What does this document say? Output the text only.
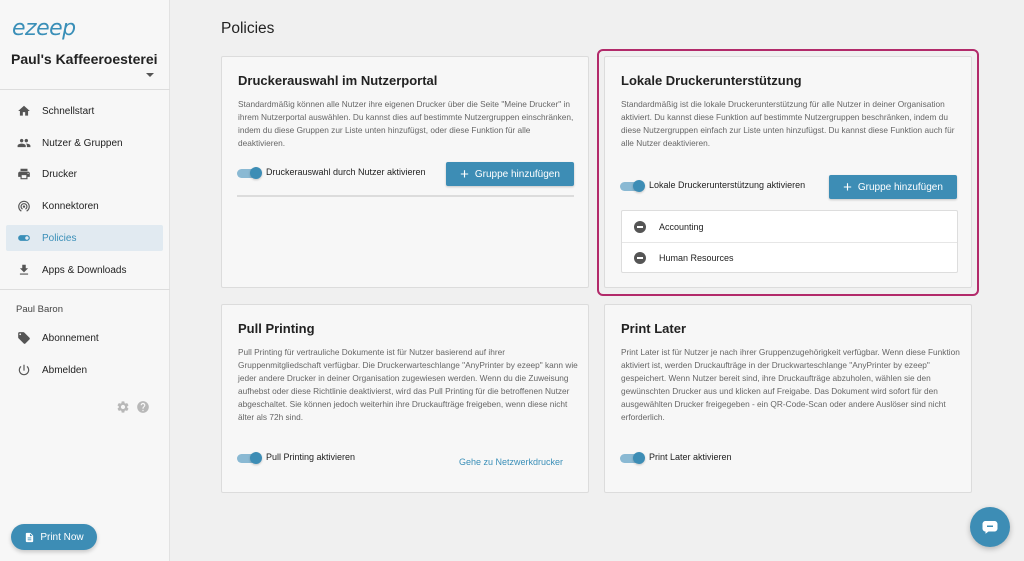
ezeep
Paul's Kaffeeroesterei
Schnellstart
Nutzer & Gruppen
Drucker
Konnektoren
Policies
Apps & Downloads
Paul Baron
Abonnement
Abmelden
Print Now
Policies
Druckerauswahl im Nutzerportal

Standardmäßig können alle Nutzer ihre eigenen Drucker über die Seite "Meine Drucker" in ihrem Nutzerportal auswählen. Du kannst dies auf bestimmte Nutzergruppen einschränken, indem du diese Gruppen zur Liste unten hinzufügst, oder diese Funktion für alle deaktivieren.

Druckerauswahl durch Nutzer aktivieren + Gruppe hinzufügen
Lokale Druckerunterstützung

Standardmäßig ist die lokale Druckerunterstützung für alle Nutzer in deiner Organisation aktiviert. Du kannst diese Funktion auf bestimmte Nutzergruppen beschränken, indem du diese Nutzergruppen einfach zur Liste unten hinzufügst. Du kannst diese Funktion auch für alle Nutzer deaktivieren.

Lokale Druckerunterstützung aktivieren	+ Gruppe hinzufügen
Accounting
Human Resources
Pull Printing

Pull Printing für vertrauliche Dokumente ist für Nutzer basierend auf ihrer Gruppenmitgliedschaft verfügbar. Die Druckerwarteschlange "AnyPrinter by ezeep" kann wie jeder andere Drucker in deiner Organisation zugewiesen werden. Wenn du die Zuweisung aufhebst oder diese Richtlinie deaktivierst, wird das Pull Printing für die betroffenen Nutzer abgeschaltet. Sie können jedoch weiterhin ihre Druckaufträge freigeben, wenn diese nicht älter als 72h sind.

Pull Printing aktivieren	Gehe zu Netzwerkdrucker
Print Later

Print Later ist für Nutzer je nach ihrer Gruppenzugehörigkeit verfügbar. Wenn diese Funktion aktiviert ist, werden Druckaufträge in der Druckwarteschlange "AnyPrinter by ezeep" gespeichert. Wenn Nutzer bereit sind, ihre Druckaufträge abzuholen, wählen sie den gewünschten Drucker aus und klicken auf Freigabe. Das Dokument wird sofort für den ausgewählten Drucker freigegeben - ein QR-Code-Scan oder andere Auslöser sind nicht erforderlich.

Print Later aktivieren
